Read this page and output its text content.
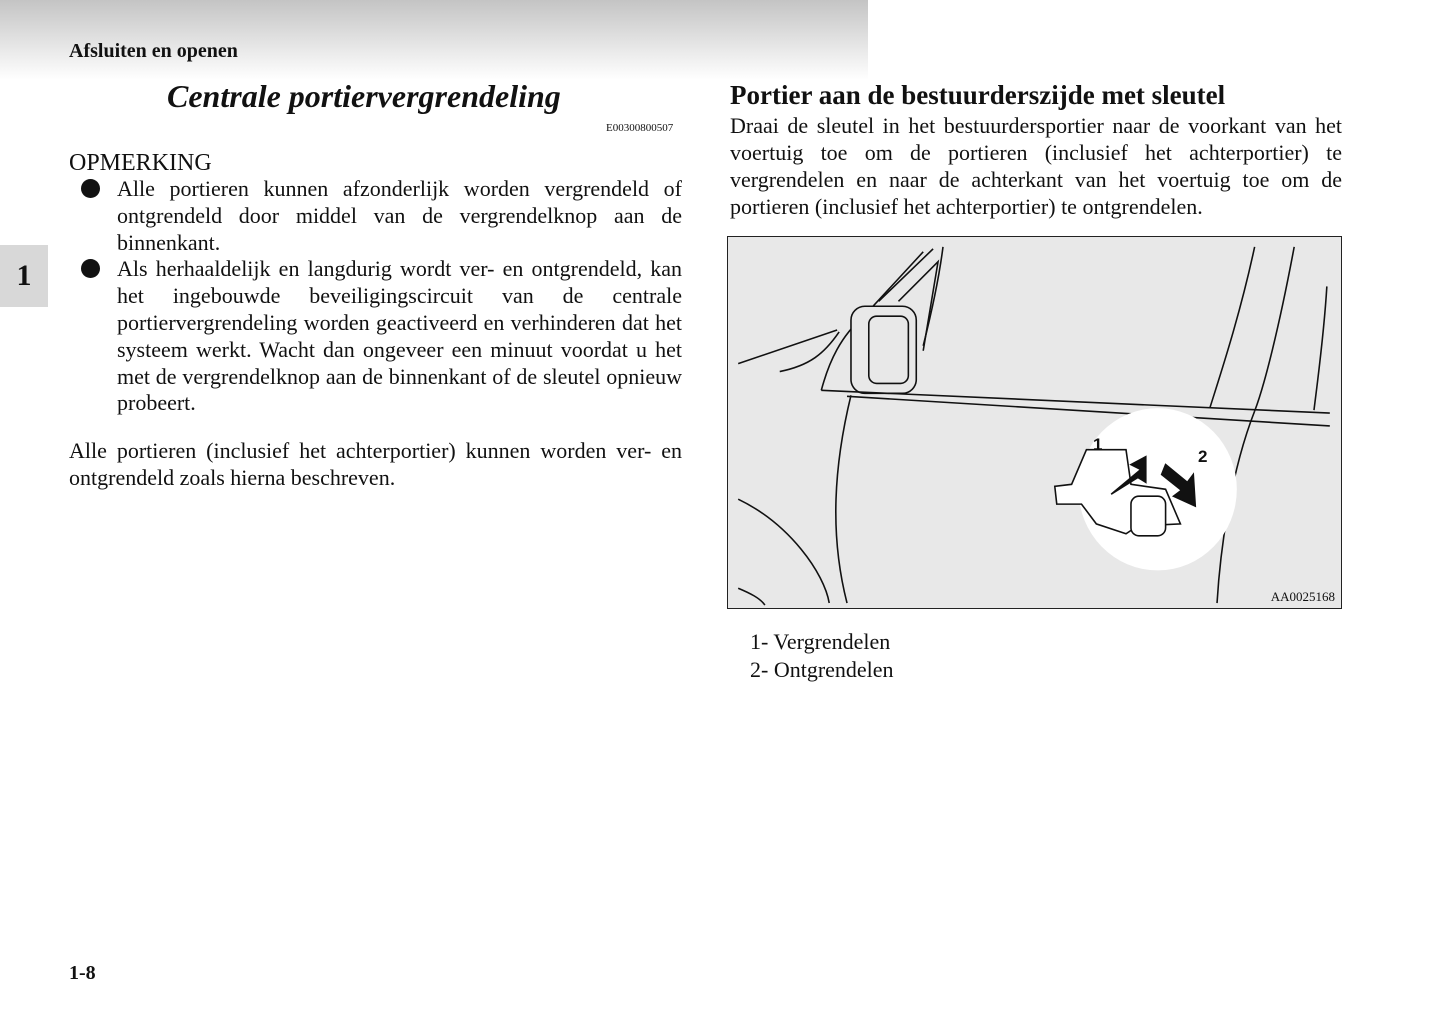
Afsluiten en openen
1
Centrale portiervergrendeling
E00300800507
OPMERKING
Alle portieren kunnen afzonderlijk worden vergrendeld of ontgrendeld door middel van de vergrendelknop aan de binnenkant.
Als herhaaldelijk en langdurig wordt ver- en ontgrendeld, kan het ingebouwde beveiligingscircuit van de centrale portiervergrendeling worden geactiveerd en verhinderen dat het systeem werkt. Wacht dan ongeveer een minuut voordat u het met de vergrendelknop aan de binnenkant of de sleutel opnieuw probeert.
Alle portieren (inclusief het achterportier) kunnen worden ver- en ontgrendeld zoals hierna beschreven.
Portier aan de bestuurderszijde met sleutel
Draai de sleutel in het bestuurdersportier naar de voorkant van het voertuig toe om de portieren (inclusief het achterportier) te vergrendelen en naar de achterkant van het voertuig toe om de portieren (inclusief het achterportier) te ontgrendelen.
1
2
AA0025168
1- Vergrendelen
2- Ontgrendelen
1-8
